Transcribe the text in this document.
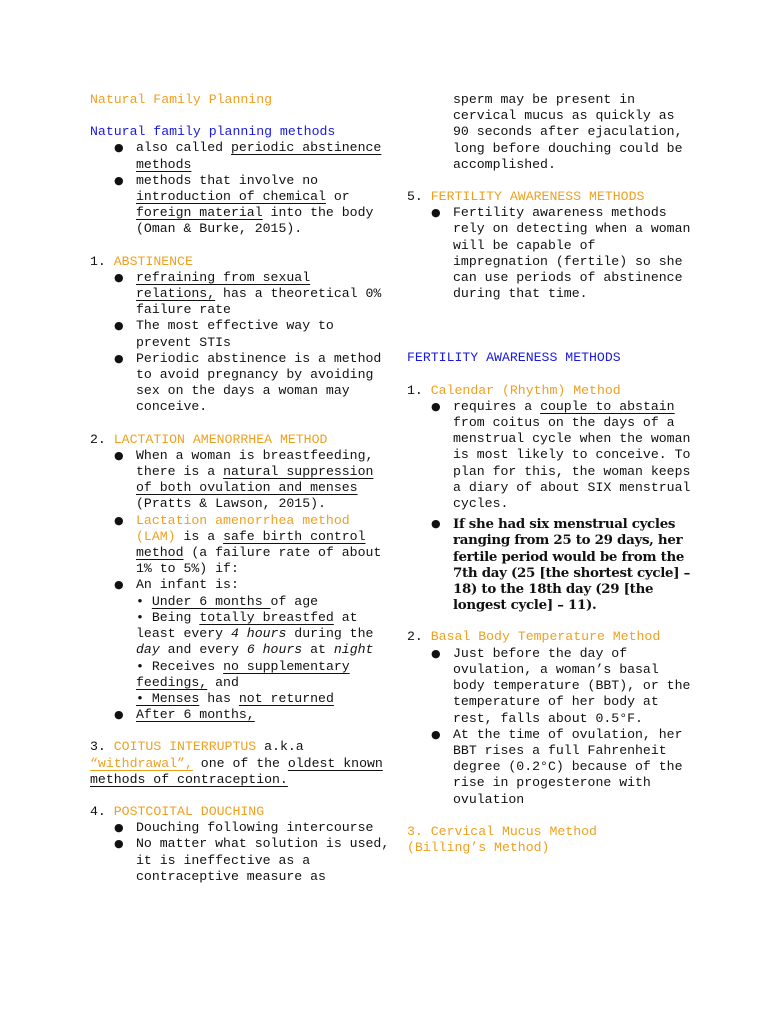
Natural Family Planning
Natural family planning methods
● also called periodic abstinence methods
● methods that involve no introduction of chemical or foreign material into the body (Oman & Burke, 2015).
1. ABSTINENCE
● refraining from sexual relations, has a theoretical 0% failure rate
● The most effective way to prevent STIs
● Periodic abstinence is a method to avoid pregnancy by avoiding sex on the days a woman may conceive.
2. LACTATION AMENORRHEA METHOD
● When a woman is breastfeeding, there is a natural suppression of both ovulation and menses (Pratts & Lawson, 2015).
● Lactation amenorrhea method (LAM) is a safe birth control method (a failure rate of about 1% to 5%) if:
● An infant is:
• Under 6 months of age
• Being totally breastfed at least every 4 hours during the day and every 6 hours at night
• Receives no supplementary feedings, and
• Menses has not returned
● After 6 months,
3. COITUS INTERRUPTUS a.k.a “withdrawal”, one of the oldest known methods of contraception.
4. POSTCOITAL DOUCHING
● Douching following intercourse
● No matter what solution is used, it is ineffective as a contraceptive measure as
sperm may be present in cervical mucus as quickly as 90 seconds after ejaculation, long before douching could be accomplished.
5. FERTILITY AWARENESS METHODS
● Fertility awareness methods rely on detecting when a woman will be capable of impregnation (fertile) so she can use periods of abstinence during that time.
FERTILITY AWARENESS METHODS
1. Calendar (Rhythm) Method
● requires a couple to abstain from coitus on the days of a menstrual cycle when the woman is most likely to conceive. To plan for this, the woman keeps a diary of about SIX menstrual cycles.
● If she had six menstrual cycles ranging from 25 to 29 days, her fertile period would be from the 7th day (25 [the shortest cycle] – 18) to the 18th day (29 [the longest cycle] – 11).
2. Basal Body Temperature Method
● Just before the day of ovulation, a woman’s basal body temperature (BBT), or the temperature of her body at rest, falls about 0.5°F.
● At the time of ovulation, her BBT rises a full Fahrenheit degree (0.2°C) because of the rise in progesterone with ovulation
3. Cervical Mucus Method (Billing’s Method)
